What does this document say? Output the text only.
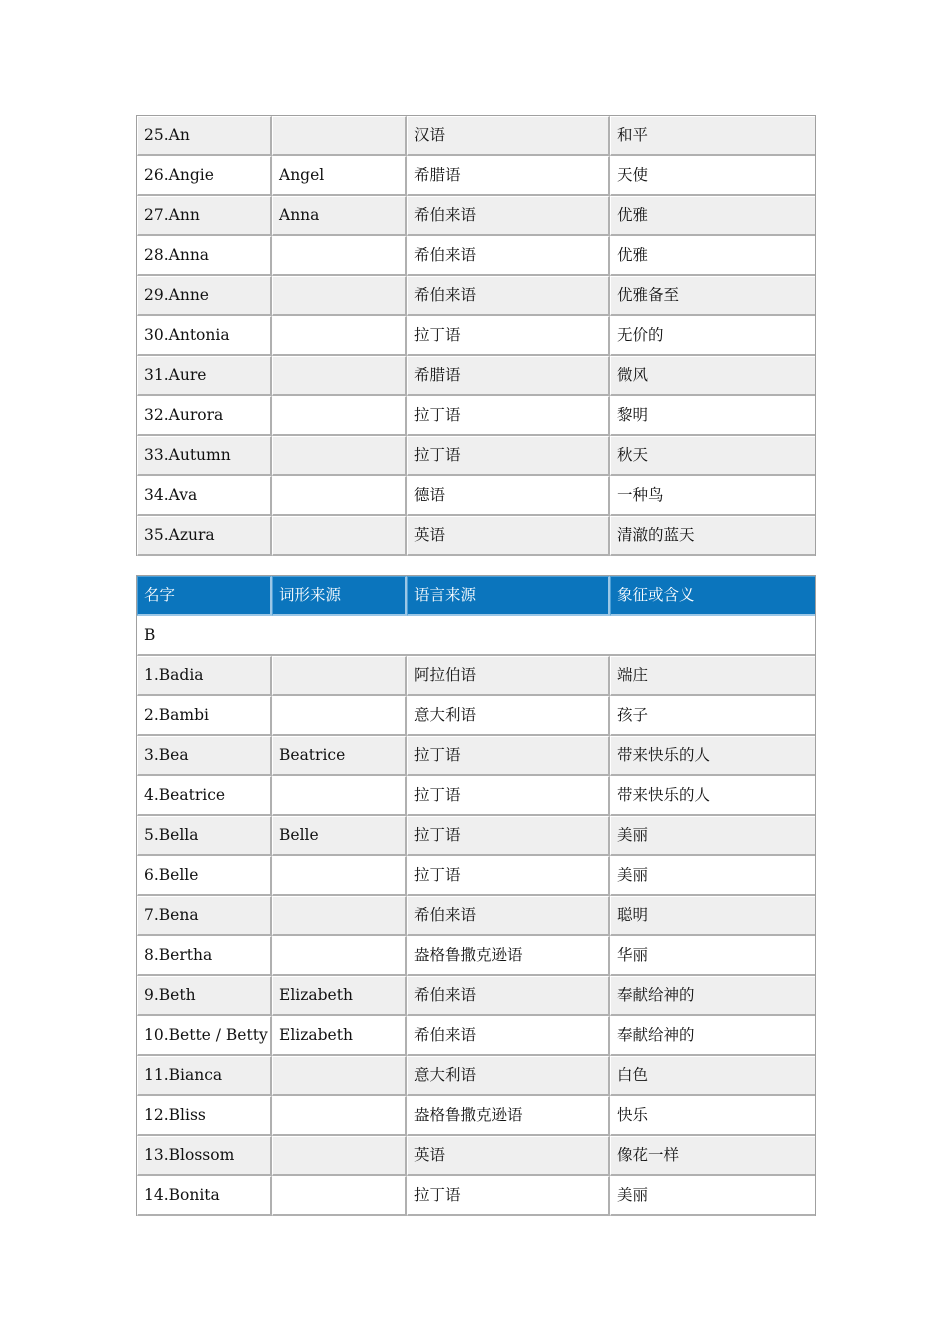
25.An		汉语	和平
26.Angie	Angel	希腊语	天使
27.Ann	Anna	希伯来语	优雅
28.Anna		希伯来语	优雅
29.Anne		希伯来语	优雅备至
30.Antonia		拉丁语	无价的
31.Aure		希腊语	微风
32.Aurora		拉丁语	黎明
33.Autumn		拉丁语	秋天
34.Ava		德语	一种鸟
35.Azura		英语	清澈的蓝天
名字	词形来源	语言来源	象征或含义
B			
1.Badia		阿拉伯语	端庄
2.Bambi		意大利语	孩子
3.Bea	Beatrice	拉丁语	带来快乐的人
4.Beatrice		拉丁语	带来快乐的人
5.Bella	Belle	拉丁语	美丽
6.Belle		拉丁语	美丽
7.Bena		希伯来语	聪明
8.Bertha		盎格鲁撒克逊语	华丽
9.Beth	Elizabeth	希伯来语	奉献给神的
10.Bette / Betty	Elizabeth	希伯来语	奉献给神的
11.Bianca		意大利语	白色
12.Bliss		盎格鲁撒克逊语	快乐
13.Blossom		英语	像花一样
14.Bonita		拉丁语	美丽
